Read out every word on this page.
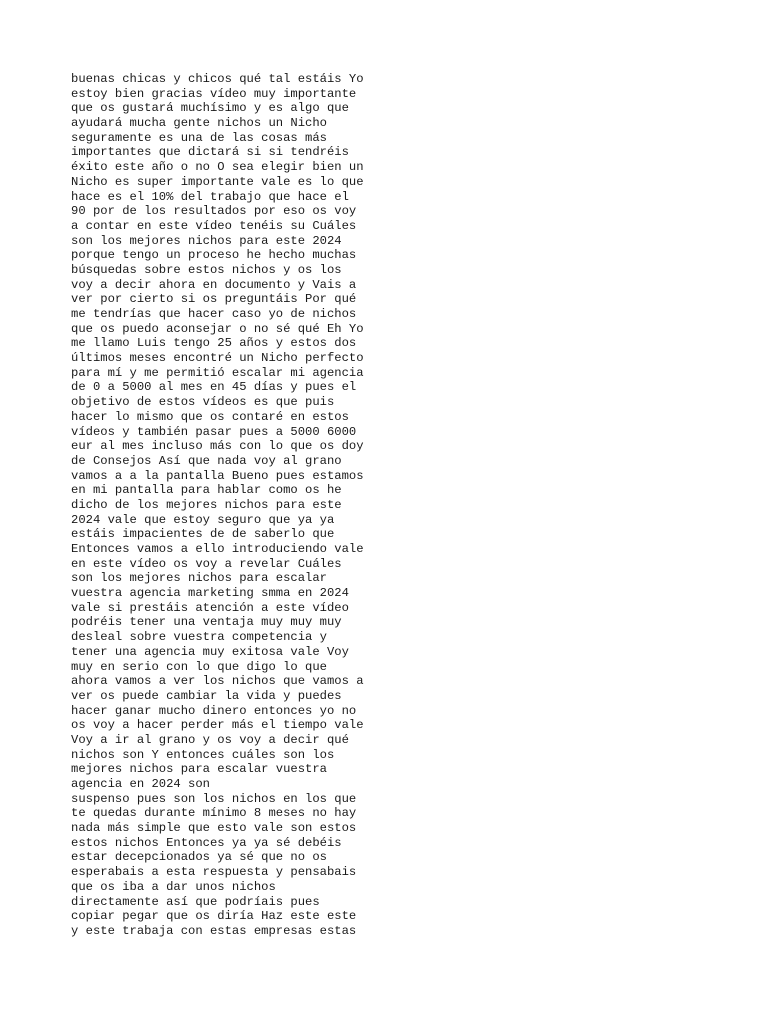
buenas chicas y chicos qué tal estáis Yo
estoy bien gracias vídeo muy importante
que os gustará muchísimo y es algo que
ayudará mucha gente nichos un Nicho
seguramente es una de las cosas más
importantes que dictará si si tendréis
éxito este año o no O sea elegir bien un
Nicho es super importante vale es lo que
hace es el 10% del trabajo que hace el
90 por de los resultados por eso os voy
a contar en este vídeo tenéis su Cuáles
son los mejores nichos para este 2024
porque tengo un proceso he hecho muchas
búsquedas sobre estos nichos y os los
voy a decir ahora en documento y Vais a
ver por cierto si os preguntáis Por qué
me tendrías que hacer caso yo de nichos
que os puedo aconsejar o no sé qué Eh Yo
me llamo Luis tengo 25 años y estos dos
últimos meses encontré un Nicho perfecto
para mí y me permitió escalar mi agencia
de 0 a 5000 al mes en 45 días y pues el
objetivo de estos vídeos es que puis
hacer lo mismo que os contaré en estos
vídeos y también pasar pues a 5000 6000
eur al mes incluso más con lo que os doy
de Consejos Así que nada voy al grano
vamos a a la pantalla Bueno pues estamos
en mi pantalla para hablar como os he
dicho de los mejores nichos para este
2024 vale que estoy seguro que ya ya
estáis impacientes de de saberlo que
Entonces vamos a ello introduciendo vale
en este vídeo os voy a revelar Cuáles
son los mejores nichos para escalar
vuestra agencia marketing smma en 2024
vale si prestáis atención a este vídeo
podréis tener una ventaja muy muy muy
desleal sobre vuestra competencia y
tener una agencia muy exitosa vale Voy
muy en serio con lo que digo lo que
ahora vamos a ver los nichos que vamos a
ver os puede cambiar la vida y puedes
hacer ganar mucho dinero entonces yo no
os voy a hacer perder más el tiempo vale
Voy a ir al grano y os voy a decir qué
nichos son Y entonces cuáles son los
mejores nichos para escalar vuestra
agencia en 2024 son
suspenso pues son los nichos en los que
te quedas durante mínimo 8 meses no hay
nada más simple que esto vale son estos
estos nichos Entonces ya ya sé debéis
estar decepcionados ya sé que no os
esperabais a esta respuesta y pensabais
que os iba a dar unos nichos
directamente así que podríais pues
copiar pegar que os diría Haz este este
y este trabaja con estas empresas estas
